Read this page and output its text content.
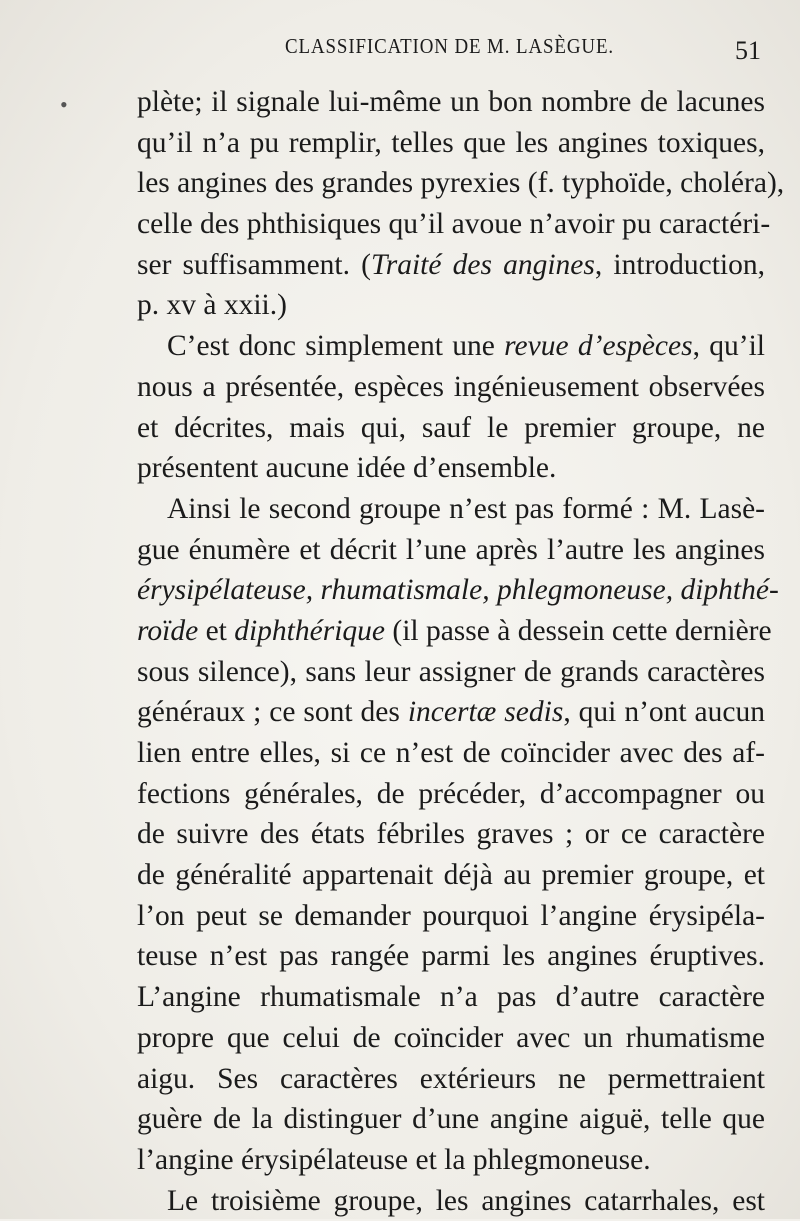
CLASSIFICATION DE M. LASÈGUE.	51
• plète; il signale lui-même un bon nombre de lacunes
qu’il n’a pu remplir, telles que les angines toxiques,
les angines des grandes pyrexies (f. typhoïde, choléra),
celle des phthisiques qu’il avoue n’avoir pu caractéri-
ser suffisamment. (Traité des angines, introduction,
p. xv à xxii.)
C’est donc simplement une revue d’espèces, qu’il
nous a présentée, espèces ingénieusement observées
et décrites, mais qui, sauf le premier groupe, ne
présentent aucune idée d’ensemble.
Ainsi le second groupe n’est pas formé : M. Lasè-
gue énumère et décrit l’une après l’autre les angines
érysipélateuse, rhumatismale, phlegmoneuse, diphthé-
roïde et diphthérique (il passe à dessein cette dernière
sous silence), sans leur assigner de grands caractères
généraux ; ce sont des incertæ sedis, qui n’ont aucun
lien entre elles, si ce n’est de coïncider avec des af-
fections générales, de précéder, d’accompagner ou
de suivre des états fébriles graves ; or ce caractère
de généralité appartenait déjà au premier groupe, et
l’on peut se demander pourquoi l’angine érysipéla-
teuse n’est pas rangée parmi les angines éruptives.
L’angine rhumatismale n’a pas d’autre caractère
propre que celui de coïncider avec un rhumatisme
aigu. Ses caractères extérieurs ne permettraient
guère de la distinguer d’une angine aiguë, telle que
l’angine érysipélateuse et la phlegmoneuse.
Le troisième groupe, les angines catarrhales, est
